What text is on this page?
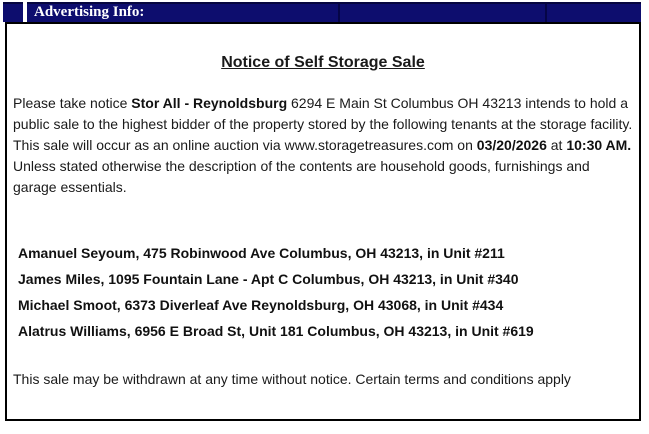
Advertising Info:
Notice of Self Storage Sale

Please take notice Stor All - Reynoldsburg 6294 E Main St Columbus OH 43213 intends to hold a public sale to the highest bidder of the property stored by the following tenants at the storage facility. This sale will occur as an online auction via www.storagetreasures.com on 03/20/2026 at 10:30 AM. Unless stated otherwise the description of the contents are household goods, furnishings and garage essentials.

Amanuel Seyoum, 475 Robinwood Ave Columbus, OH 43213, in Unit #211
James Miles, 1095 Fountain Lane - Apt C Columbus, OH 43213, in Unit #340
Michael Smoot, 6373 Diverleaf Ave Reynoldsburg, OH 43068, in Unit #434
Alatrus Williams, 6956 E Broad St, Unit 181 Columbus, OH 43213, in Unit #619

This sale may be withdrawn at any time without notice. Certain terms and conditions apply
